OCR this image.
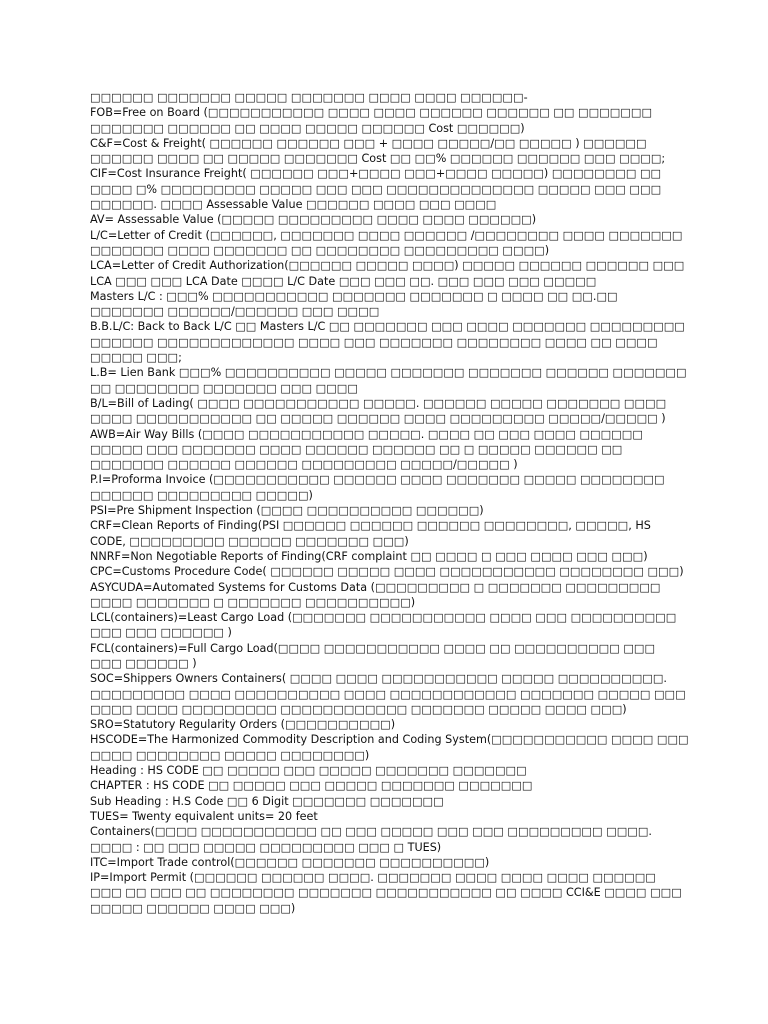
□□□□□□ □□□□□□□ □□□□□ □□□□□□□ □□□□ □□□□ □□□□□□-
FOB=Free on Board (□□□□□□□□□□□ □□□□ □□□□ □□□□□□ □□□□□□ □□ □□□□□□□ □□□□□□□ □□□□□□ □□ □□□□ □□□□□ □□□□□□ Cost □□□□□□)
C&F=Cost & Freight( □□□□□□ □□□□□□ □□□ + □□□□ □□□□□/□□ □□□□□ ) □□□□□□ □□□□□□ □□□□ □□ □□□□□ □□□□□□□ Cost □□ □□% □□□□□□ □□□□□□ □□□ □□□□;
CIF=Cost Insurance Freight( □□□□□□ □□□+□□□□ □□□+□□□□ □□□□□) □□□□□□□□ □□ □□□□ □% □□□□□□□□□ □□□□□ □□□ □□□ □□□□□□□□□□□□□□ □□□□□ □□□ □□□ □□□□□□. □□□□ Assessable Value □□□□□□ □□□□ □□□ □□□□
AV= Assessable Value (□□□□□ □□□□□□□□□ □□□□ □□□□ □□□□□□)
L/C=Letter of Credit (□□□□□□, □□□□□□□ □□□□ □□□□□□ /□□□□□□□□ □□□□ □□□□□□□ □□□□□□□ □□□□ □□□□□□□ □□ □□□□□□□□ □□□□□□□□□ □□□□)
LCA=Letter of Credit Authorization(□□□□□□ □□□□□ □□□□) □□□□□ □□□□□□ □□□□□□ □□□ LCA □□□ □□□ LCA Date □□□□ L/C Date □□□ □□□ □□. □□□ □□□ □□□ □□□□□
Masters L/C : □□□% □□□□□□□□□□□ □□□□□□□ □□□□□□□ □ □□□□ □□ □□.□□ □□□□□□□ □□□□□□/□□□□□□ □□□ □□□□
B.B.L/C: Back to Back L/C □□ Masters L/C □□ □□□□□□□ □□□ □□□□ □□□□□□□ □□□□□□□□□ □□□□□□ □□□□□□□□□□□□□ □□□□ □□□ □□□□□□□ □□□□□□□□ □□□□ □□ □□□□ □□□□□ □□□;
L.B= Lien Bank □□□% □□□□□□□□□□ □□□□□ □□□□□□□ □□□□□□□ □□□□□□ □□□□□□□ □□ □□□□□□□□ □□□□□□□ □□□ □□□□
B/L=Bill of Lading( □□□□ □□□□□□□□□□□ □□□□□. □□□□□□ □□□□□ □□□□□□□ □□□□ □□□□ □□□□□□□□□□□ □□ □□□□□ □□□□□□ □□□□ □□□□□□□□□ □□□□□/□□□□□ )
AWB=Air Way Bills (□□□□ □□□□□□□□□□□ □□□□□. □□□□ □□ □□□ □□□□ □□□□□□ □□□□□ □□□ □□□□□□□ □□□□ □□□□□□ □□□□□□ □□ □ □□□□□ □□□□□□ □□ □□□□□□□ □□□□□□ □□□□□□ □□□□□□□□□ □□□□□/□□□□□ )
P.I=Proforma Invoice (□□□□□□□□□□□ □□□□□□ □□□□ □□□□□□□ □□□□□ □□□□□□□□ □□□□□□ □□□□□□□□□ □□□□□)
PSI=Pre Shipment Inspection (□□□□ □□□□□□□□□□ □□□□□□)
CRF=Clean Reports of Finding(PSI □□□□□□ □□□□□□ □□□□□□ □□□□□□□□, □□□□□, HS CODE, □□□□□□□□□ □□□□□□ □□□□□□□ □□□)
NNRF=Non Negotiable Reports of Finding(CRF complaint □□ □□□□ □ □□□ □□□□ □□□ □□□)
CPC=Customs Procedure Code( □□□□□□ □□□□□ □□□□ □□□□□□□□□□□ □□□□□□□□ □□□)
ASYCUDA=Automated Systems for Customs Data (□□□□□□□□□ □ □□□□□□□ □□□□□□□□□ □□□□ □□□□□□□ □ □□□□□□□ □□□□□□□□□□)
LCL(containers)=Least Cargo Load (□□□□□□□ □□□□□□□□□□□ □□□□ □□□ □□□□□□□□□□ □□□ □□□ □□□□□□ )
FCL(containers)=Full Cargo Load(□□□□ □□□□□□□□□□□ □□□□ □□ □□□□□□□□□□ □□□ □□□ □□□□□□ )
SOC=Shippers Owners Containers( □□□□ □□□□ □□□□□□□□□□□ □□□□□ □□□□□□□□□□. □□□□□□□□□ □□□□ □□□□□□□□□□ □□□□ □□□□□□□□□□□□ □□□□□□□ □□□□□ □□□ □□□□ □□□□ □□□□□□□□□ □□□□□□□□□□□□ □□□□□□□ □□□□□ □□□□ □□□)
SRO=Statutory Regularity Orders (□□□□□□□□□□)
HSCODE=The Harmonized Commodity Description and Coding System(□□□□□□□□□□□ □□□□ □□□ □□□□ □□□□□□□□ □□□□□ □□□□□□□□)
Heading : HS CODE □□ □□□□□ □□□ □□□□□ □□□□□□□ □□□□□□□
CHAPTER : HS CODE □□ □□□□□ □□□ □□□□□ □□□□□□□ □□□□□□□
Sub Heading : H.S Code □□ 6 Digit □□□□□□□ □□□□□□□
TUES= Twenty equivalent units= 20 feet
Containers(□□□□ □□□□□□□□□□□ □□ □□□ □□□□□ □□□ □□□ □□□□□□□□□ □□□□. □□□□ : □□ □□□ □□□□□ □□□□□□□□□ □□□ □ TUES)
ITC=Import Trade control(□□□□□□ □□□□□□□ □□□□□□□□□□)
IP=Import Permit (□□□□□□ □□□□□□ □□□□. □□□□□□□ □□□□ □□□□ □□□□ □□□□□□ □□□ □□ □□□ □□ □□□□□□□□ □□□□□□□ □□□□□□□□□□□ □□ □□□□ CCI&E □□□□ □□□ □□□□□ □□□□□□ □□□□ □□□)
